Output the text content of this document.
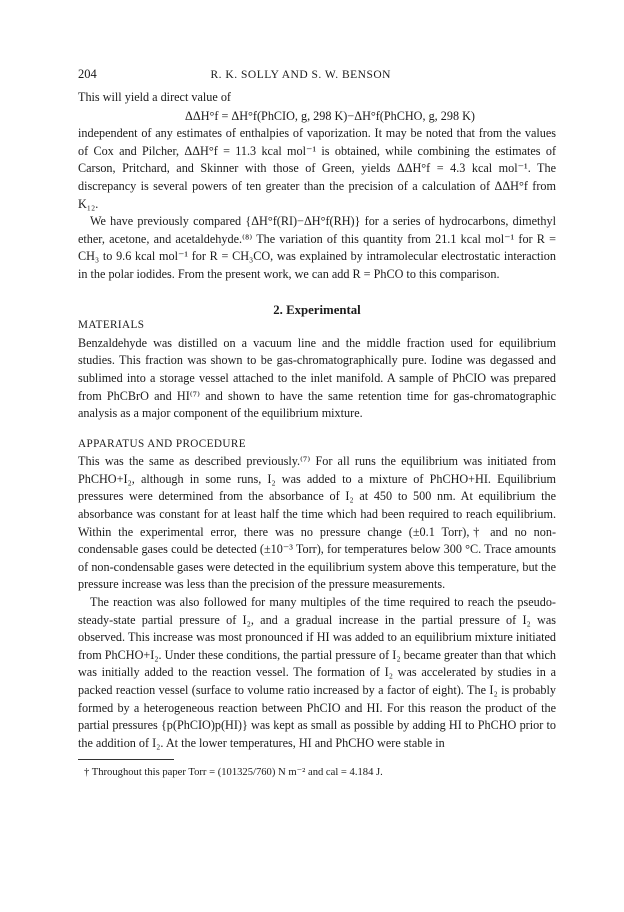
204	R. K. SOLLY AND S. W. BENSON

This will yield a direct value of

ΔΔH°f = ΔH°f(PhCIO, g, 298 K)−ΔH°f(PhCHO, g, 298 K)

independent of any estimates of enthalpies of vaporization. It may be noted that from the values of Cox and Pilcher, ΔΔH°f = 11.3 kcal mol⁻¹ is obtained, while combining the estimates of Carson, Pritchard, and Skinner with those of Green, yields ΔΔH°f = 4.3 kcal mol⁻¹. The discrepancy is several powers of ten greater than the precision of a calculation of ΔΔH°f from K₁₂.

We have previously compared {ΔH°f(RI)−ΔH°f(RH)} for a series of hydrocarbons, dimethyl ether, acetone, and acetaldehyde.⁽⁸⁾ The variation of this quantity from 21.1 kcal mol⁻¹ for R = CH₃ to 9.6 kcal mol⁻¹ for R = CH₃CO, was explained by intramolecular electrostatic interaction in the polar iodides. From the present work, we can add R = PhCO to this comparison.

2. Experimental
MATERIALS

Benzaldehyde was distilled on a vacuum line and the middle fraction used for equilibrium studies. This fraction was shown to be gas-chromatographically pure. Iodine was degassed and sublimed into a storage vessel attached to the inlet manifold. A sample of PhCIO was prepared from PhCBrO and HI⁽⁷⁾ and shown to have the same retention time for gas-chromatographic analysis as a major component of the equilibrium mixture.

APPARATUS AND PROCEDURE

This was the same as described previously.⁽⁷⁾ For all runs the equilibrium was initiated from PhCHO+I₂, although in some runs, I₂ was added to a mixture of PhCHO+HI. Equilibrium pressures were determined from the absorbance of I₂ at 450 to 500 nm. At equilibrium the absorbance was constant for at least half the time which had been required to reach equilibrium. Within the experimental error, there was no pressure change (±0.1 Torr),† and no non-condensable gases could be detected (±10⁻³ Torr), for temperatures below 300 °C. Trace amounts of non-condensable gases were detected in the equilibrium system above this temperature, but the pressure increase was less than the precision of the pressure measurements.

The reaction was also followed for many multiples of the time required to reach the pseudo-steady-state partial pressure of I₂, and a gradual increase in the partial pressure of I₂ was observed. This increase was most pronounced if HI was added to an equilibrium mixture initiated from PhCHO+I₂. Under these conditions, the partial pressure of I₂ became greater than that which was initially added to the reaction vessel. The formation of I₂ was accelerated by studies in a packed reaction vessel (surface to volume ratio increased by a factor of eight). The I₂ is probably formed by a heterogeneous reaction between PhCIO and HI. For this reason the product of the partial pressures {p(PhCIO)p(HI)} was kept as small as possible by adding HI to PhCHO prior to the addition of I₂. At the lower temperatures, HI and PhCHO were stable in

† Throughout this paper Torr = (101325/760) N m⁻² and cal = 4.184 J.
